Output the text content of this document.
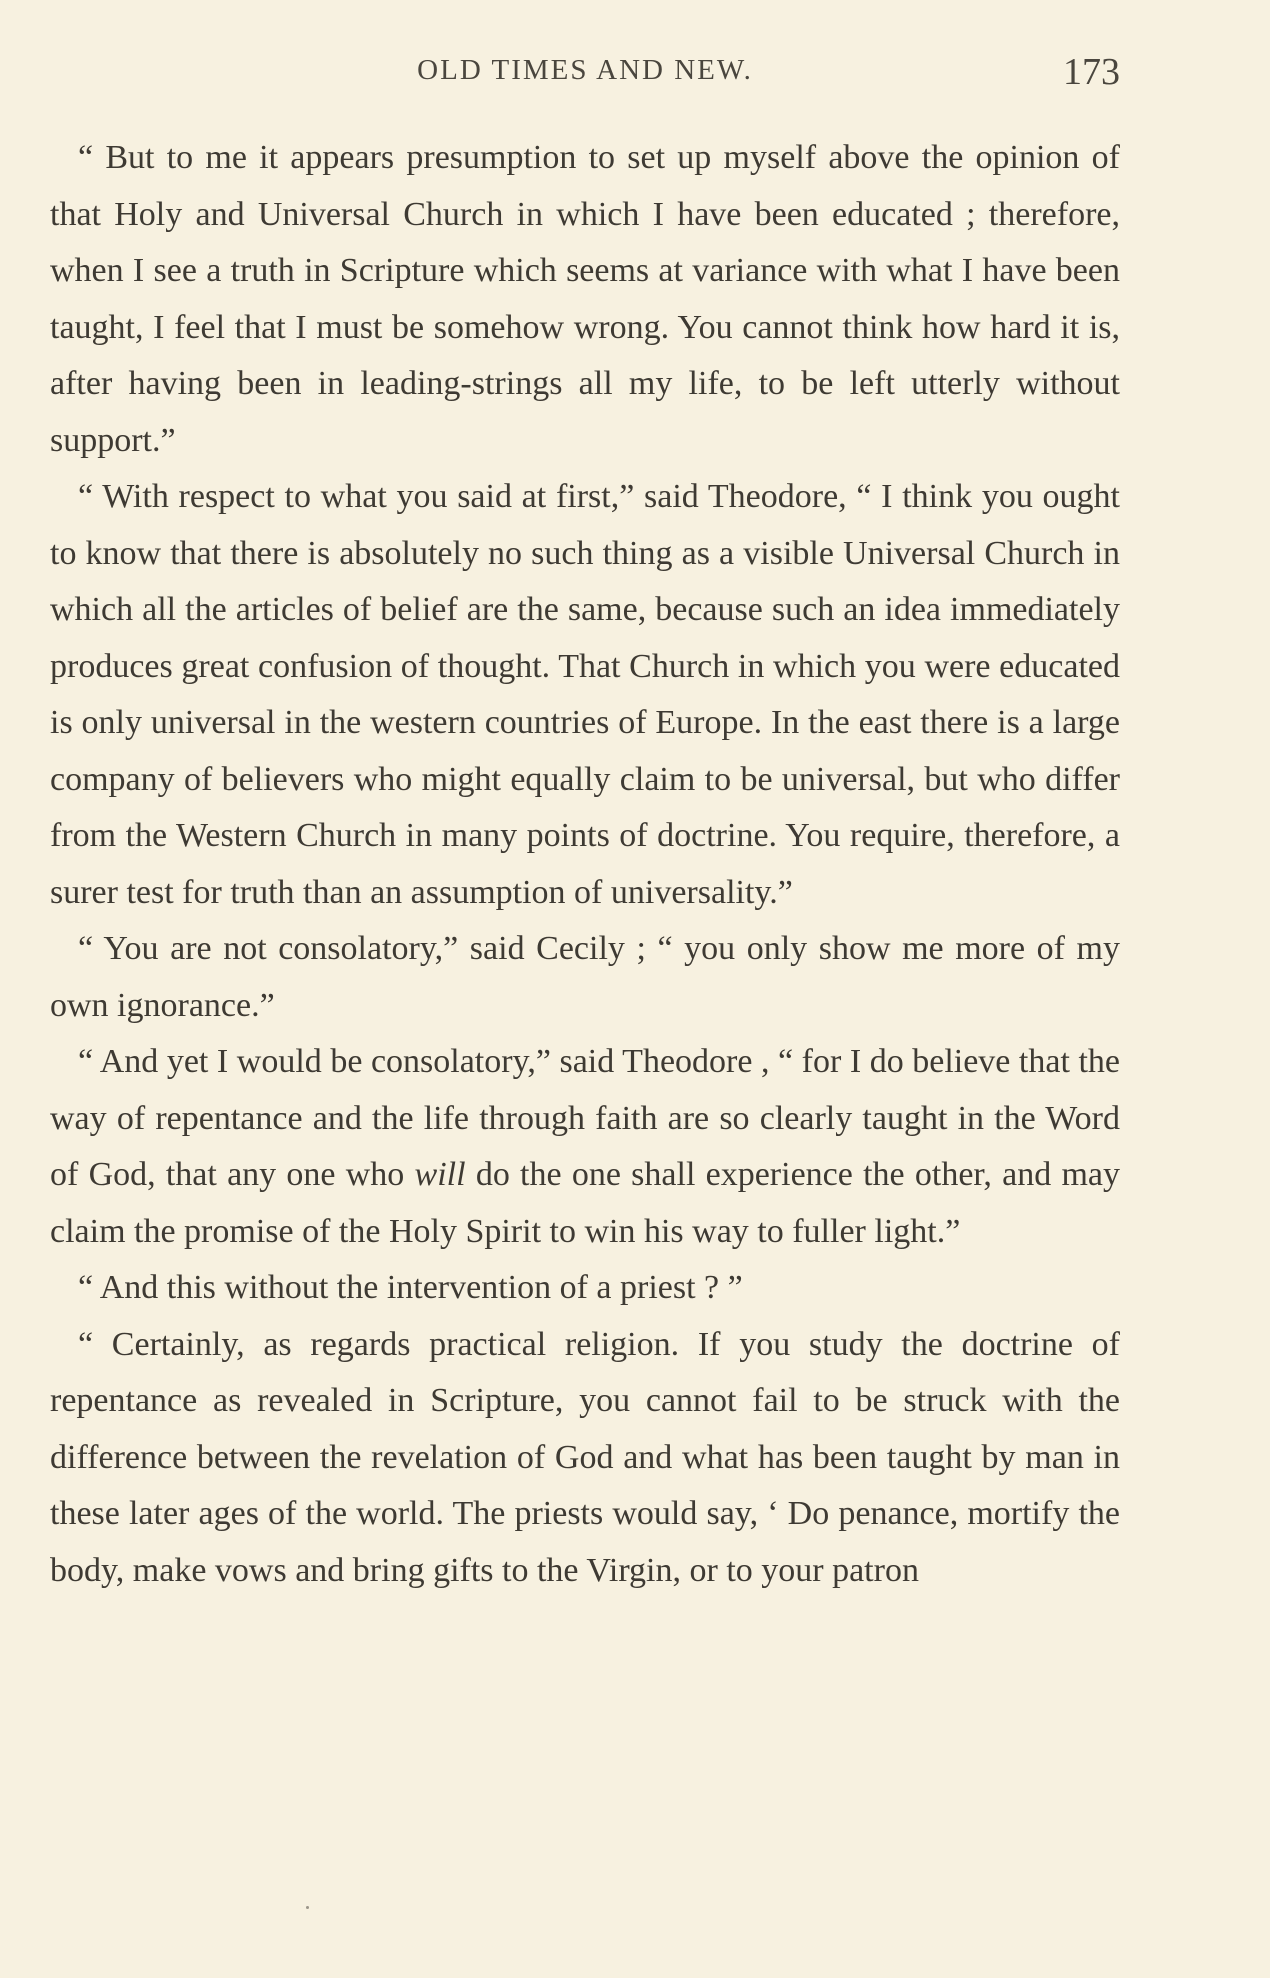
OLD TIMES AND NEW.	173

“ But to me it appears presumption to set up myself above the opinion of that Holy and Universal Church in which I have been educated ; therefore, when I see a truth in Scripture which seems at variance with what I have been taught, I feel that I must be somehow wrong. You cannot think how hard it is, after having been in leading-strings all my life, to be left utterly without support.”

“ With respect to what you said at first,” said Theodore, “ I think you ought to know that there is absolutely no such thing as a visible Universal Church in which all the articles of belief are the same, because such an idea immediately produces great confusion of thought. That Church in which you were educated is only universal in the western countries of Europe. In the east there is a large company of believers who might equally claim to be universal, but who differ from the Western Church in many points of doctrine. You require, therefore, a surer test for truth than an assumption of universality.”

“ You are not consolatory,” said Cecily ; “ you only show me more of my own ignorance.”

“ And yet I would be consolatory,” said Theodore , “ for I do believe that the way of repentance and the life through faith are so clearly taught in the Word of God, that any one who will do the one shall experience the other, and may claim the promise of the Holy Spirit to win his way to fuller light.”

“ And this without the intervention of a priest ? ”

“ Certainly, as regards practical religion. If you study the doctrine of repentance as revealed in Scripture, you cannot fail to be struck with the difference between the revelation of God and what has been taught by man in these later ages of the world. The priests would say, ‘ Do penance, mortify the body, make vows and bring gifts to the Virgin, or to your patron
